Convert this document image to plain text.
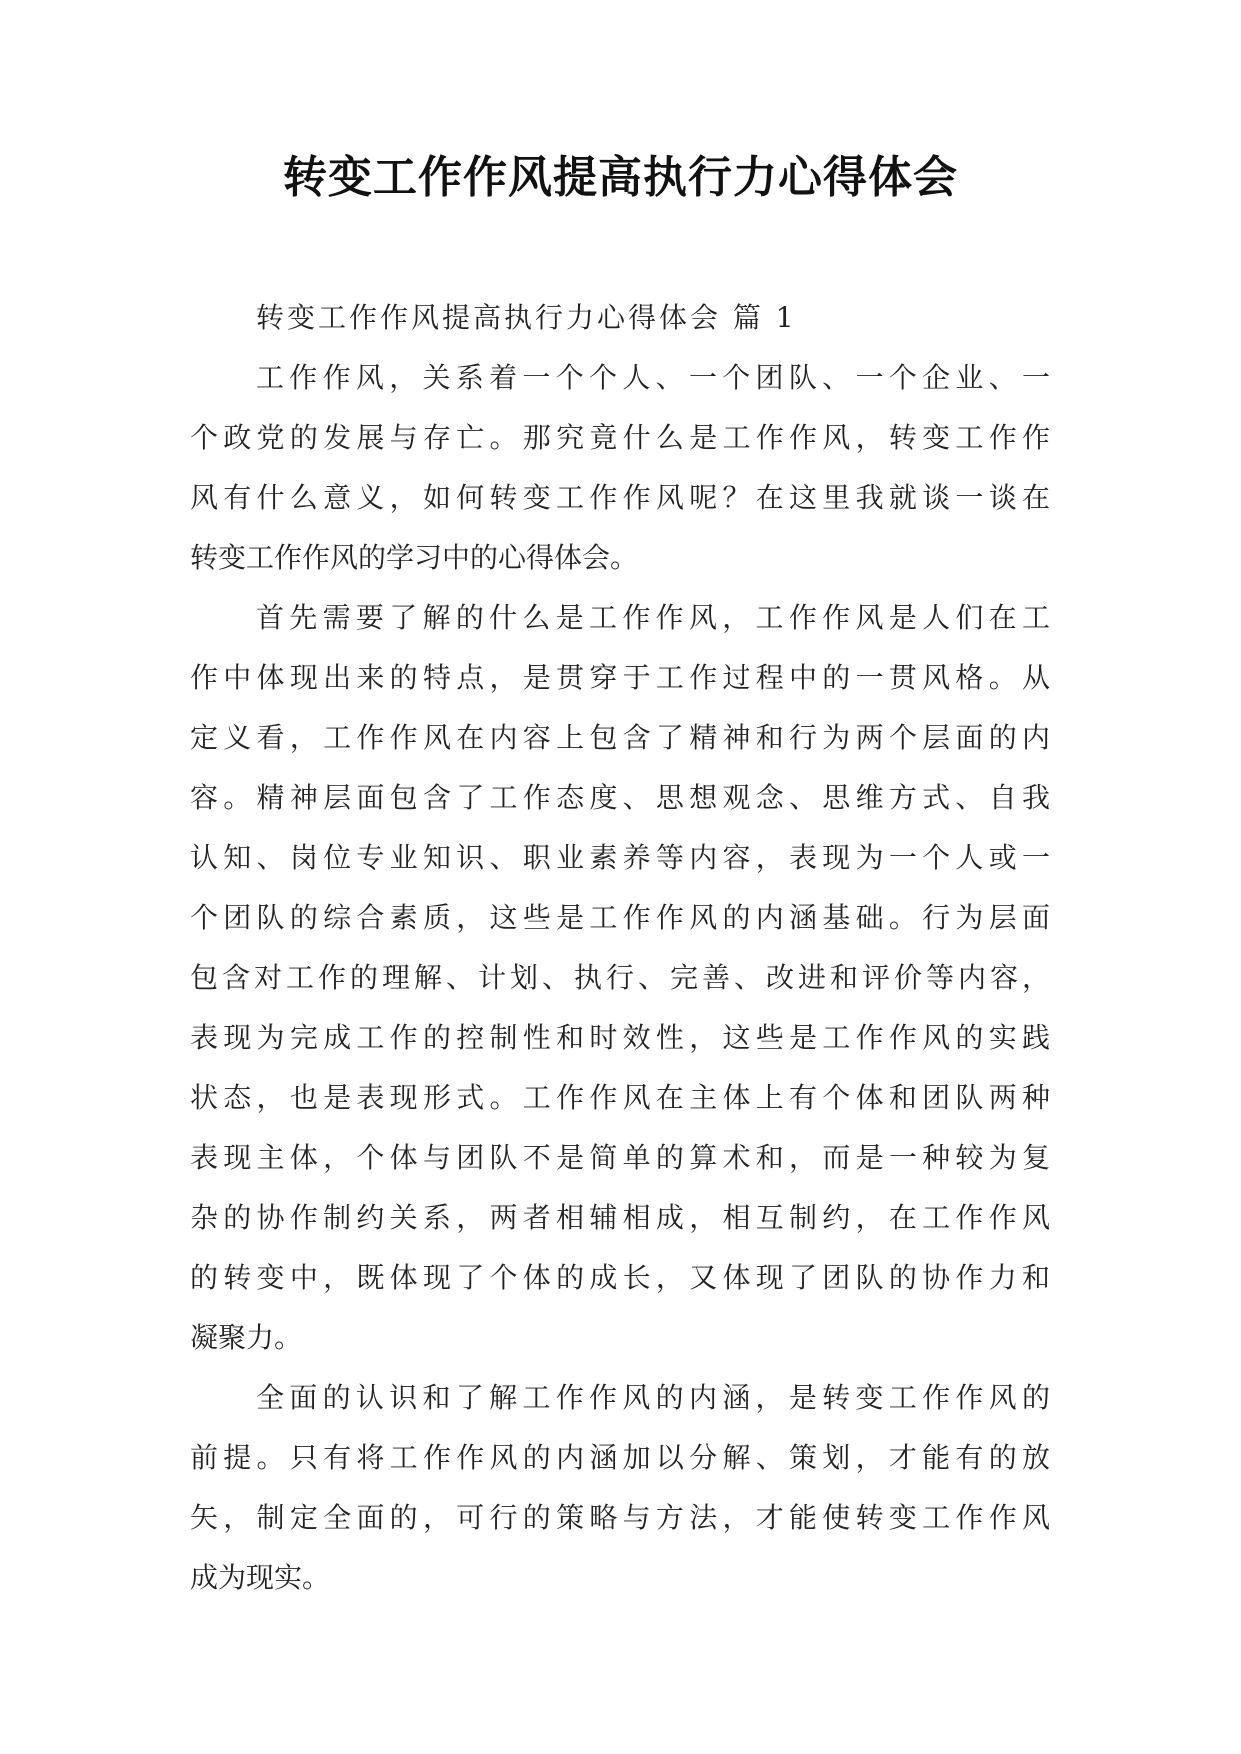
转变工作作风提高执行力心得体会
转变工作作风提高执行力心得体会 篇 1
工作作风，关系着一个个人、一个团队、一个企业、一
个政党的发展与存亡。那究竟什么是工作作风，转变工作作
风有什么意义，如何转变工作作风呢？在这里我就谈一谈在
转变工作作风的学习中的心得体会。
首先需要了解的什么是工作作风，工作作风是人们在工
作中体现出来的特点，是贯穿于工作过程中的一贯风格。从
定义看，工作作风在内容上包含了精神和行为两个层面的内
容。精神层面包含了工作态度、思想观念、思维方式、自我
认知、岗位专业知识、职业素养等内容，表现为一个人或一
个团队的综合素质，这些是工作作风的内涵基础。行为层面
包含对工作的理解、计划、执行、完善、改进和评价等内容，
表现为完成工作的控制性和时效性，这些是工作作风的实践
状态，也是表现形式。工作作风在主体上有个体和团队两种
表现主体，个体与团队不是简单的算术和，而是一种较为复
杂的协作制约关系，两者相辅相成，相互制约，在工作作风
的转变中，既体现了个体的成长，又体现了团队的协作力和
凝聚力。
全面的认识和了解工作作风的内涵，是转变工作作风的
前提。只有将工作作风的内涵加以分解、策划，才能有的放
矢，制定全面的，可行的策略与方法，才能使转变工作作风
成为现实。
